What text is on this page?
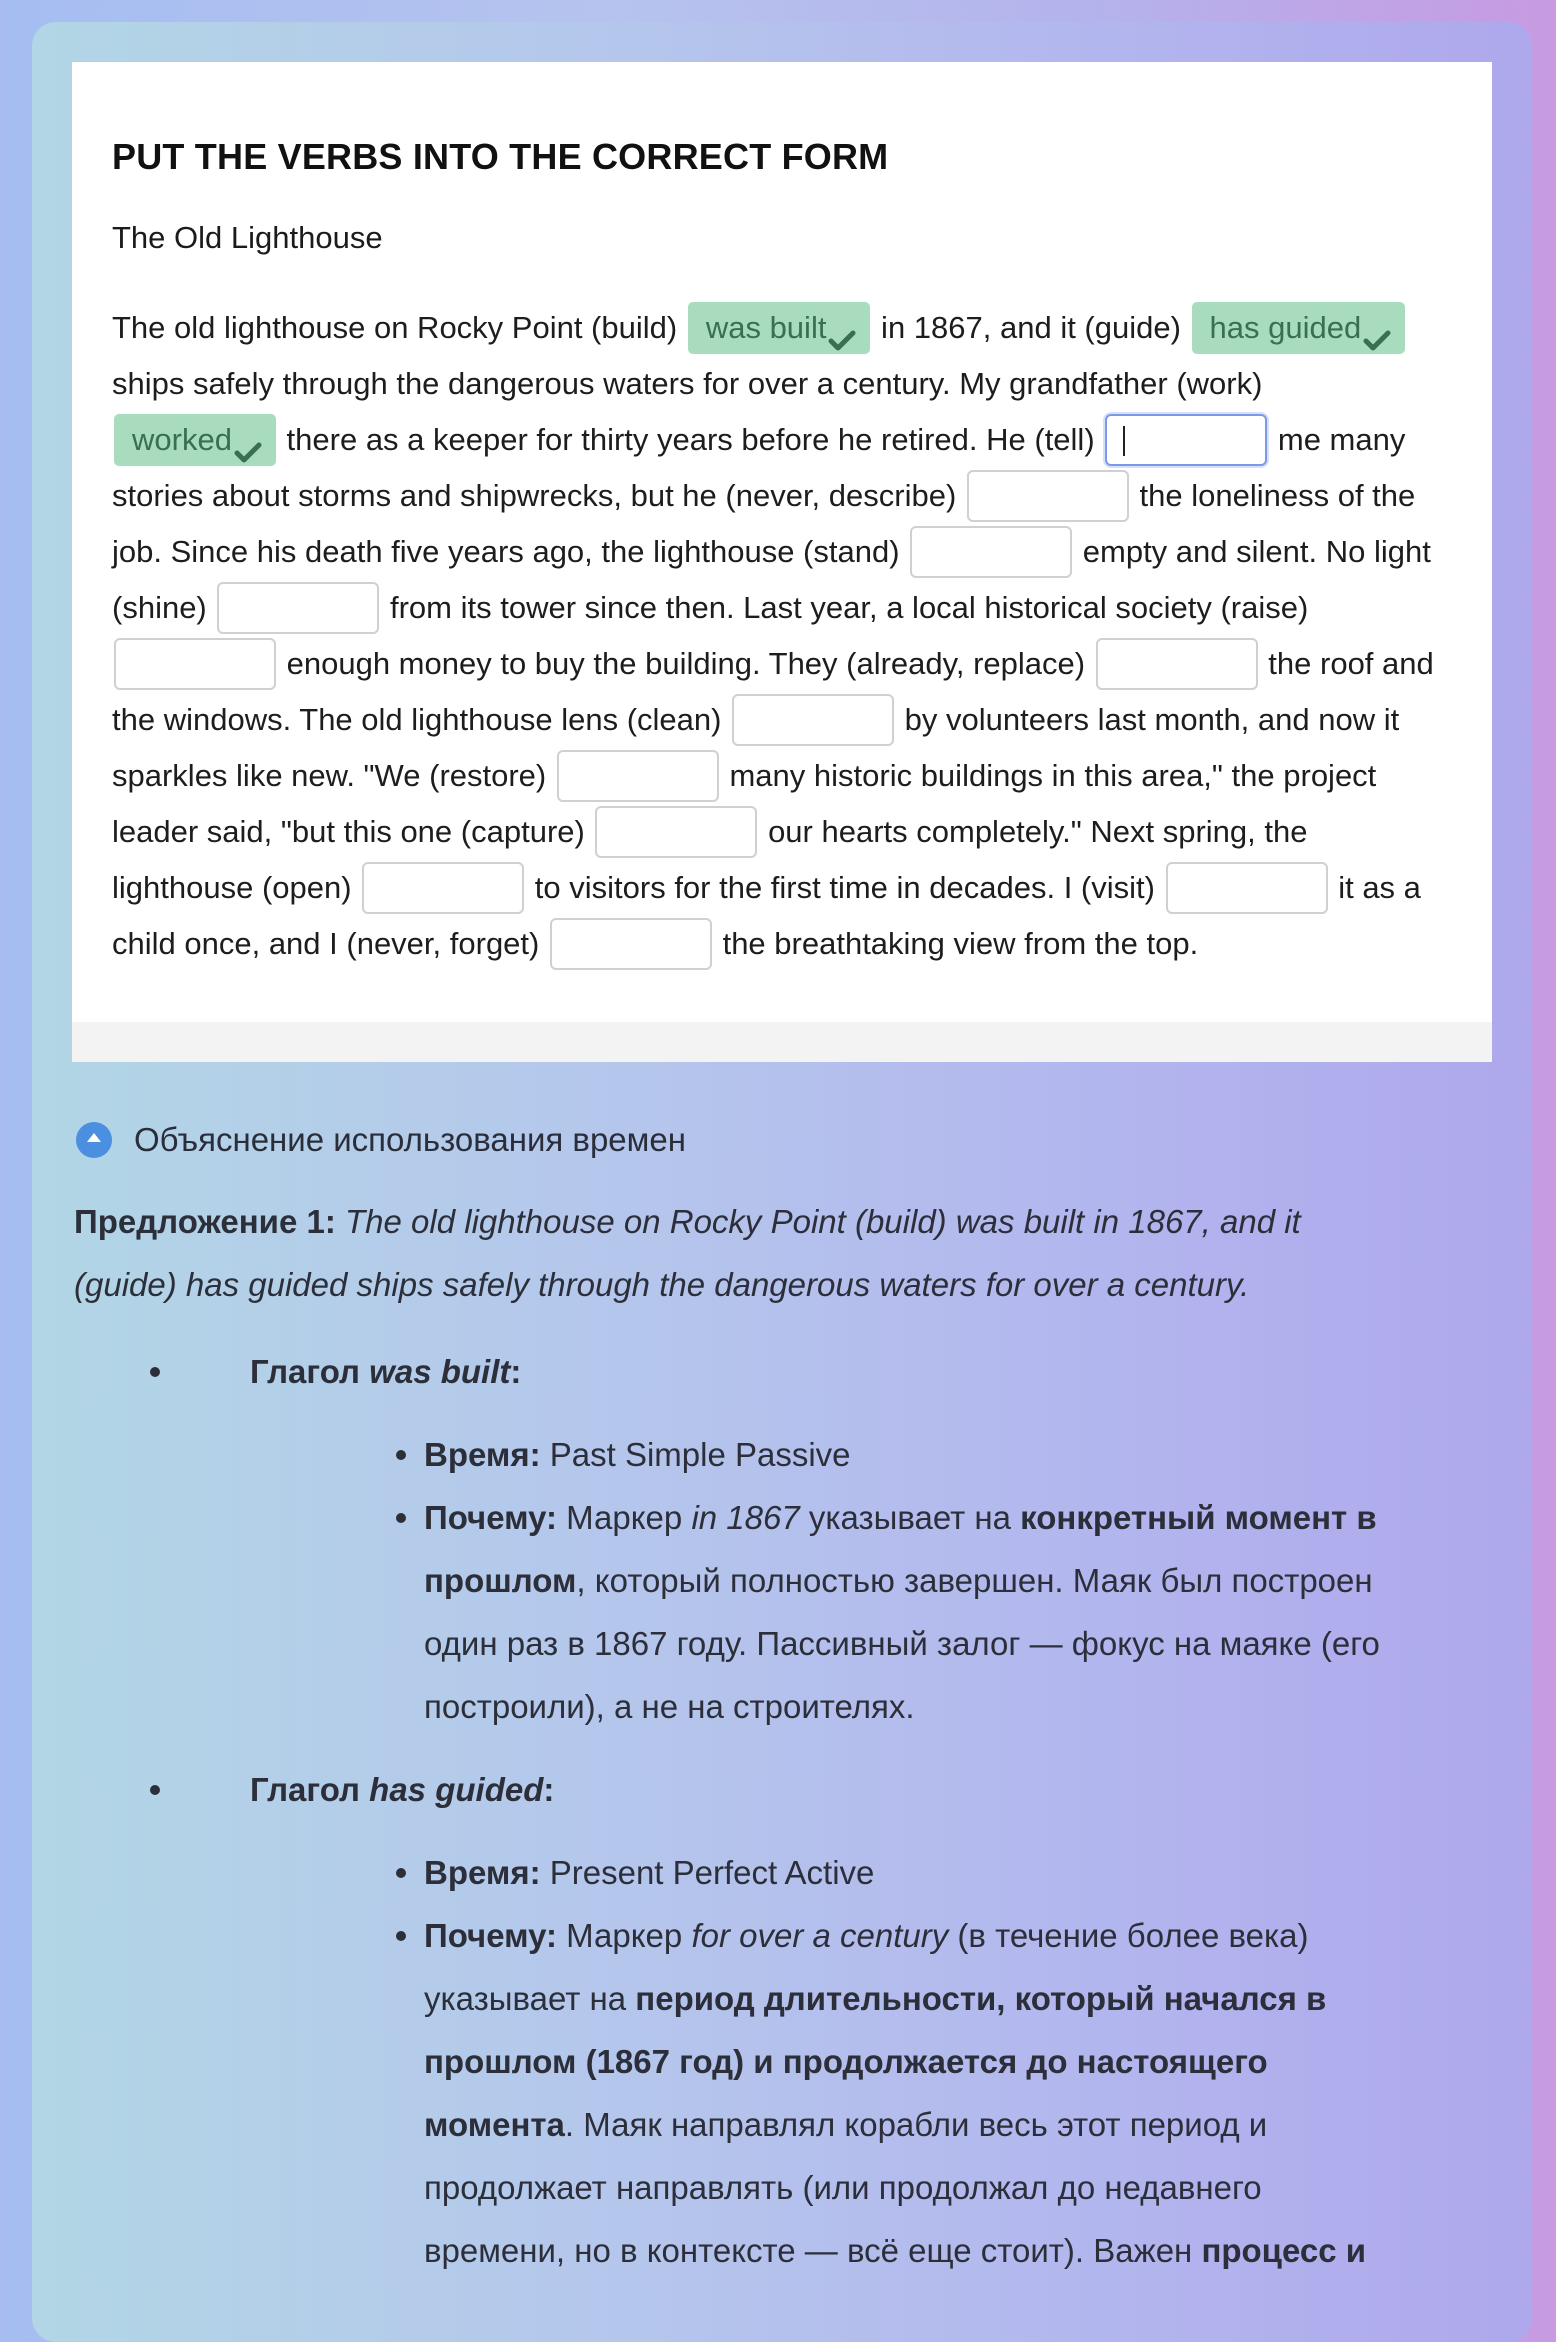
PUT THE VERBS INTO THE CORRECT FORM
The Old Lighthouse
The old lighthouse on Rocky Point (build) was built in 1867, and it (guide) has guided
ships safely through the dangerous waters for over a century. My grandfather (work)
worked there as a keeper for thirty years before he retired. He (tell)	me many
stories about storms and shipwrecks, but he (never, describe)	the loneliness of the
job. Since his death five years ago, the lighthouse (stand)	empty and silent. No light
(shine)	from its tower since then. Last year, a local historical society (raise)
enough money to buy the building. They (already, replace)	the roof and
the windows. The old lighthouse lens (clean)	by volunteers last month, and now it
sparkles like new. "We (restore)	many historic buildings in this area," the project
leader said, "but this one (capture)	our hearts completely." Next spring, the
lighthouse (open)	to visitors for the first time in decades. I (visit)	it as a
child once, and I (never, forget)	the breathtaking view from the top.
Объяснение использования времен

Предложение 1: The old lighthouse on Rocky Point (build) was built in 1867, and it
(guide) has guided ships safely through the dangerous waters for over a century.

Глагол was built:
Время: Past Simple Passive
Почему: Маркер in 1867 указывает на конкретный момент в
прошлом, который полностью завершен. Маяк был построен
один раз в 1867 году. Пассивный залог — фокус на маяке (его
построили), а не на строителях.
Глагол has guided:
Время: Present Perfect Active
Почему: Маркер for over a century (в течение более века)
указывает на период длительности, который начался в
прошлом (1867 год) и продолжается до настоящего
момента. Маяк направлял корабли весь этот период и
продолжает направлять (или продолжал до недавнего
времени, но в контексте — всё еще стоит). Важен процесс и
